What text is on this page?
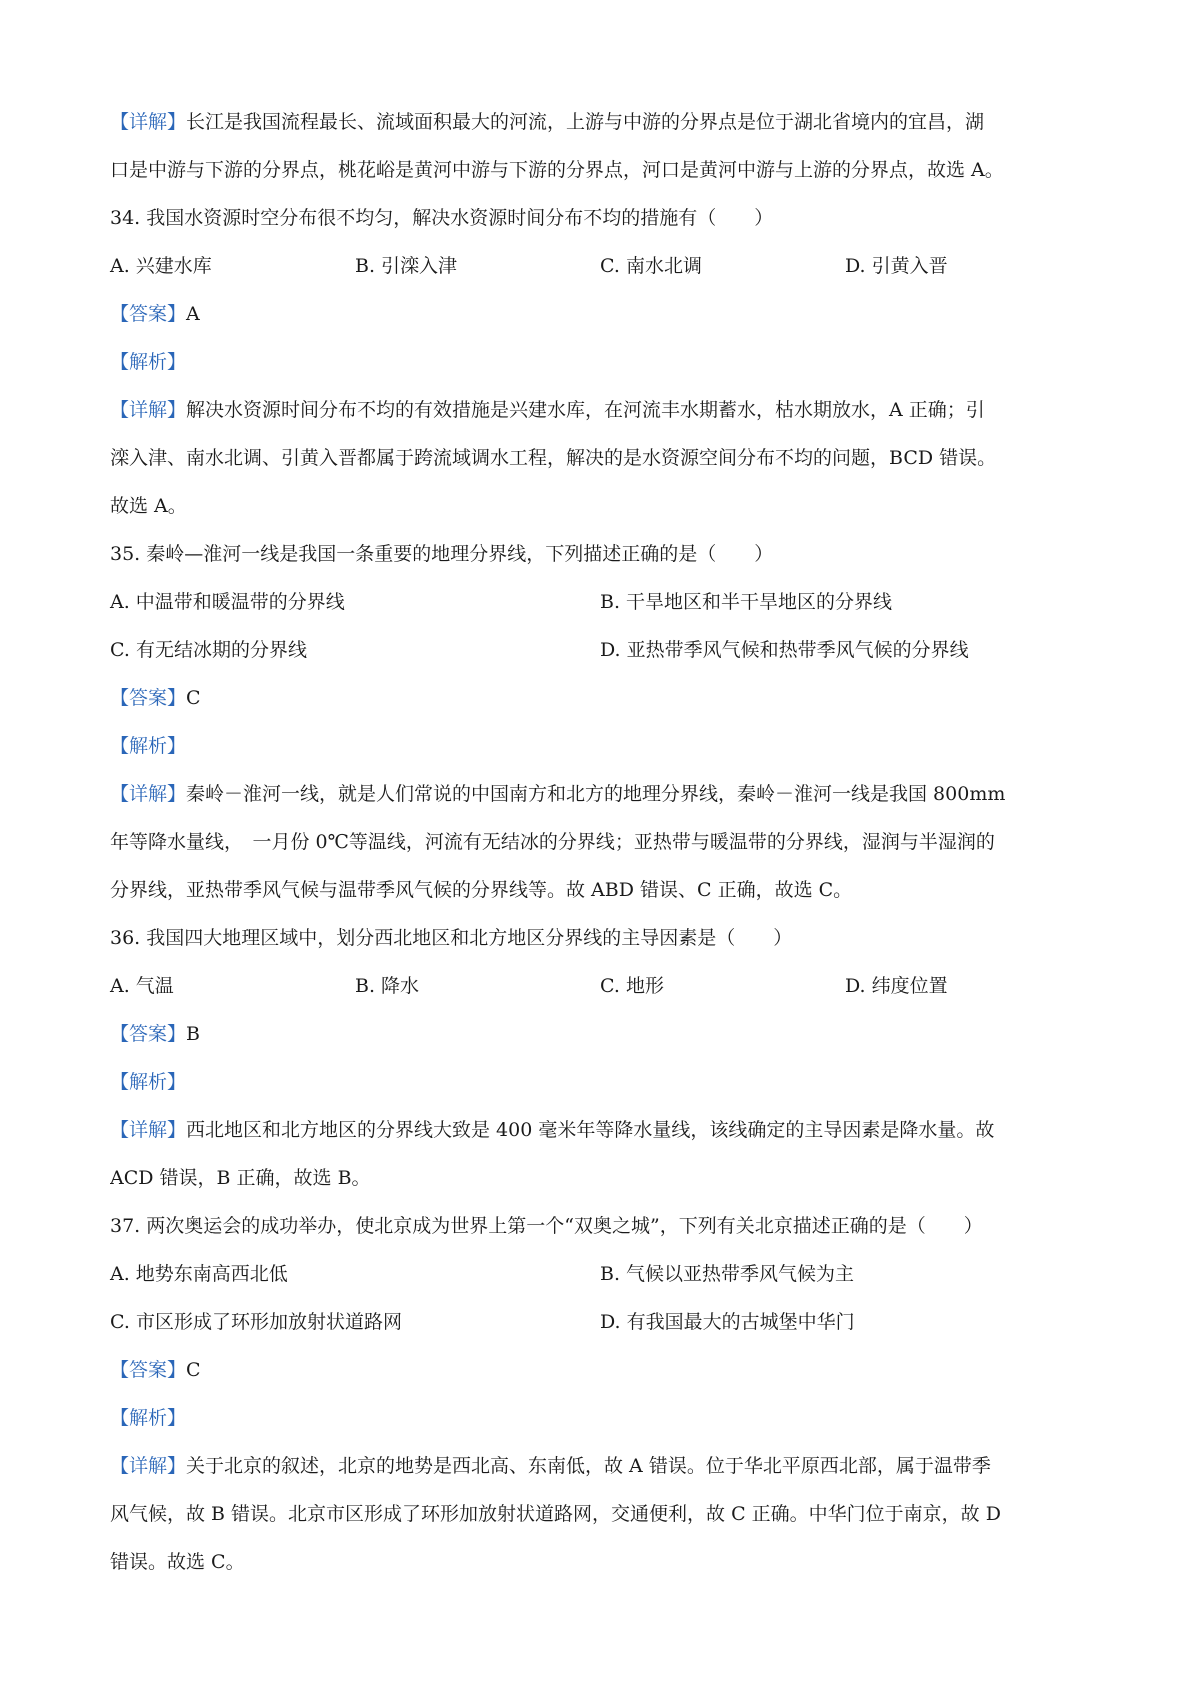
【详解】长江是我国流程最长、流域面积最大的河流，上游与中游的分界点是位于湖北省境内的宜昌，湖
口是中游与下游的分界点，桃花峪是黄河中游与下游的分界点，河口是黄河中游与上游的分界点，故选 A。
34. 我国水资源时空分布很不均匀，解决水资源时间分布不均的措施有（　　）
A. 兴建水库	B. 引滦入津	C. 南水北调	D. 引黄入晋
【答案】A
【解析】
【详解】解决水资源时间分布不均的有效措施是兴建水库，在河流丰水期蓄水，枯水期放水，A 正确；引
滦入津、南水北调、引黄入晋都属于跨流域调水工程，解决的是水资源空间分布不均的问题，BCD 错误。
故选 A。
35. 秦岭—淮河一线是我国一条重要的地理分界线，下列描述正确的是（　　）
A. 中温带和暖温带的分界线	B. 干旱地区和半干旱地区的分界线
C. 有无结冰期的分界线	D. 亚热带季风气候和热带季风气候的分界线
【答案】C
【解析】
【详解】秦岭－淮河一线，就是人们常说的中国南方和北方的地理分界线，秦岭－淮河一线是我国 800mm
年等降水量线，　一月份 0℃等温线，河流有无结冰的分界线；亚热带与暖温带的分界线，湿润与半湿润的
分界线，亚热带季风气候与温带季风气候的分界线等。故 ABD 错误、C 正确，故选 C。
36. 我国四大地理区域中，划分西北地区和北方地区分界线的主导因素是（　　）
A. 气温	B. 降水	C. 地形	D. 纬度位置
【答案】B
【解析】
【详解】西北地区和北方地区的分界线大致是 400 毫米年等降水量线，该线确定的主导因素是降水量。故
ACD 错误，B 正确，故选 B。
37. 两次奥运会的成功举办，使北京成为世界上第一个“双奥之城”，下列有关北京描述正确的是（　　）
A. 地势东南高西北低	B. 气候以亚热带季风气候为主
C. 市区形成了环形加放射状道路网	D. 有我国最大的古城堡中华门
【答案】C
【解析】
【详解】关于北京的叙述，北京的地势是西北高、东南低，故 A 错误。位于华北平原西北部，属于温带季
风气候，故 B 错误。北京市区形成了环形加放射状道路网，交通便利，故 C 正确。中华门位于南京，故 D
错误。故选 C。
